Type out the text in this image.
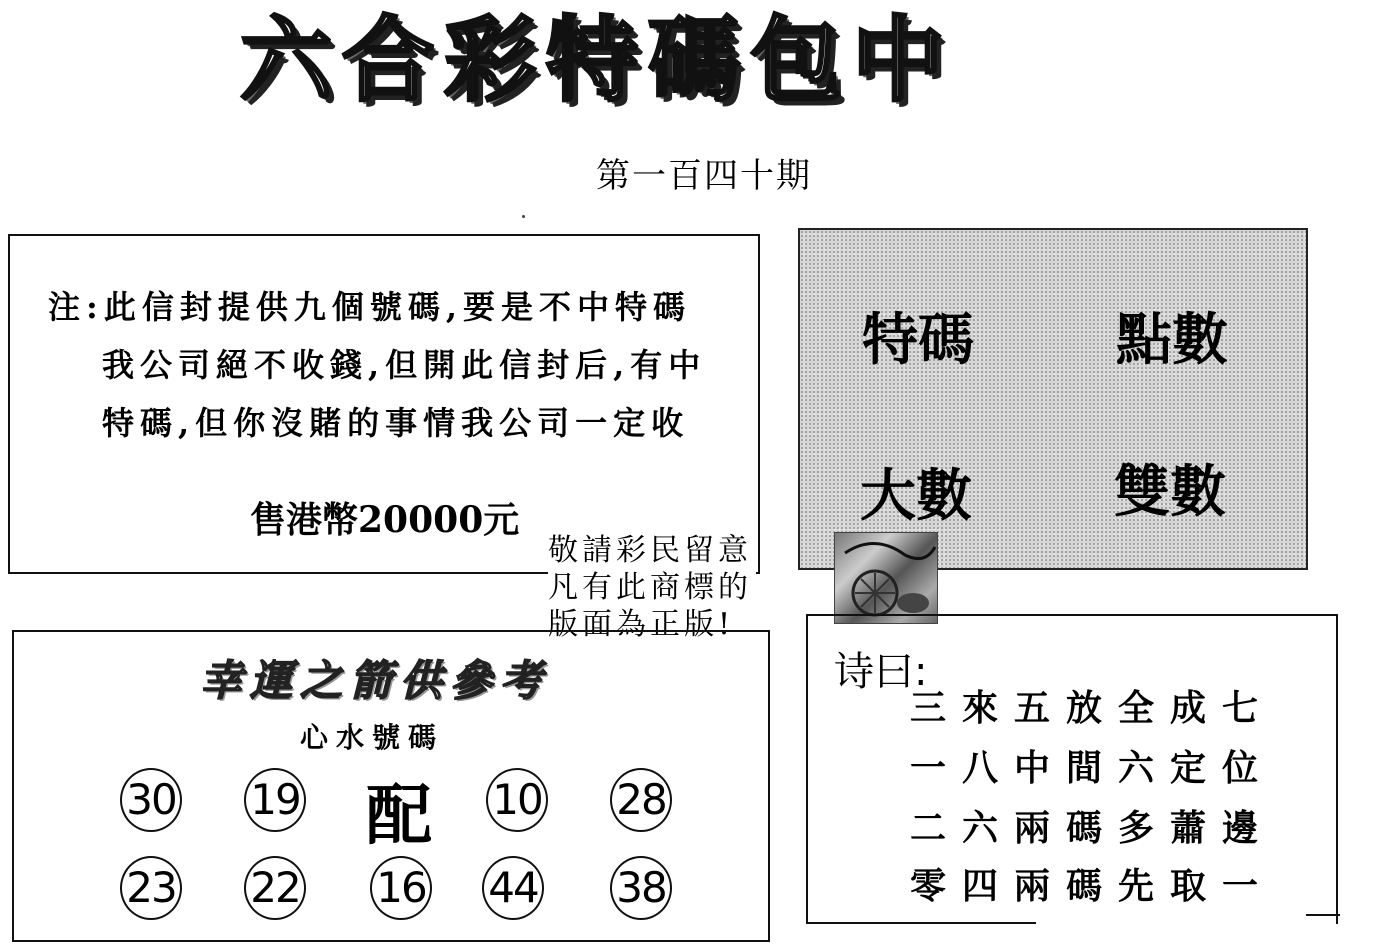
六合彩特碼包中
第一百四十期
注:此信封提供九個號碼,要是不中特碼
我公司絕不收錢,但開此信封后,有中
特碼,但你沒賭的事情我公司一定收
售港幣20000元
特碼	點數
大數	雙數
敬請彩民留意
凡有此商標的
版面為正版!
幸運之箭供參考
心水號碼
30 19 配 10 28
23 22 16 44 38
诗曰:
三來五放全成七
一八中間六定位
二六兩碼多蕭邊
零四兩碼先取一
